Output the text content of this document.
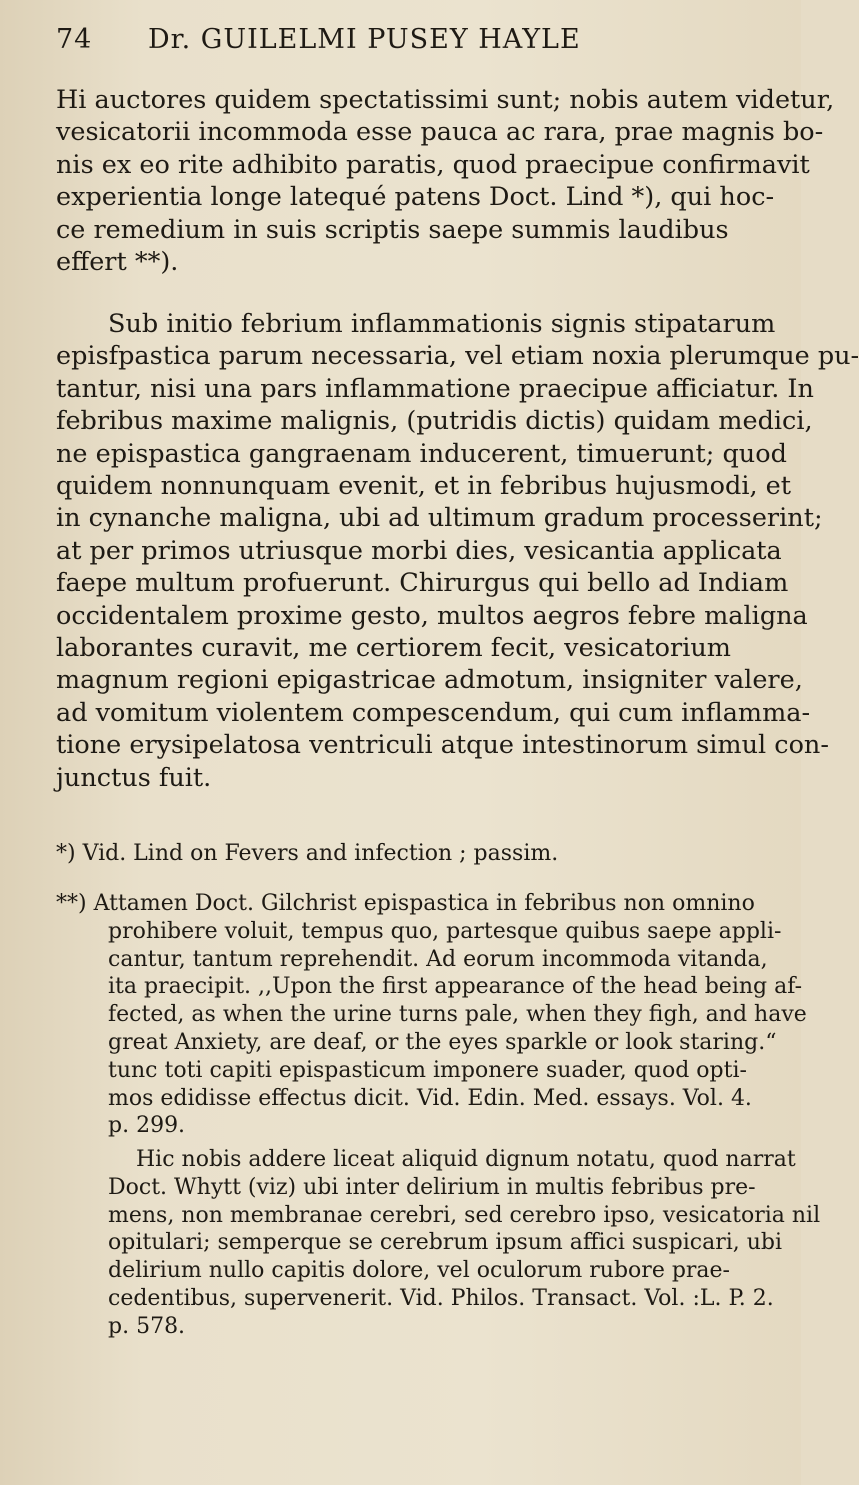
74 Dr. GUILELMI PUSEY HAYLE
Hi auctores quidem spectatissimi sunt; nobis autem videtur,
vesicatorii incommoda esse pauca ac rara, prae magnis bo-
nis ex eo rite adhibito paratis, quod praecipue confirmavit
experientia longe latequé patens Doct. Lind *), qui hoc-
ce remedium in suis scriptis saepe summis laudibus
effert **).
Sub initio febrium inflammationis signis stipatarum
episfpastica parum necessaria, vel etiam noxia plerumque pu-
tantur, nisi una pars inflammatione praecipue afficiatur. In
febribus maxime malignis, (putridis dictis) quidam medici,
ne epispastica gangraenam inducerent, timuerunt; quod
quidem nonnunquam evenit, et in febribus hujusmodi, et
in cynanche maligna, ubi ad ultimum gradum processerint;
at per primos utriusque morbi dies, vesicantia applicata
faepe multum profuerunt. Chirurgus qui bello ad Indiam
occidentalem proxime gesto, multos aegros febre maligna
laborantes curavit, me certiorem fecit, vesicatorium
magnum regioni epigastricae admotum, insigniter valere,
ad vomitum violentem compescendum, qui cum inflamma-
tione erysipelatosa ventriculi atque intestinorum simul con-
junctus fuit.
*) Vid. Lind on Fevers and infection ; passim.
**) Attamen Doct. Gilchrist epispastica in febribus non omnino
prohibere voluit, tempus quo, partesque quibus saepe appli-
cantur, tantum reprehendit. Ad eorum incommoda vitanda,
ita praecipit. ,,Upon the first appearance of the head being af-
fected, as when the urine turns pale, when they figh, and have
great Anxiety, are deaf, or the eyes sparkle or look staring.“
tunc toti capiti epispasticum imponere suader, quod opti-
mos edidisse effectus dicit. Vid. Edin. Med. essays. Vol. 4.
p. 299.
Hic nobis addere liceat aliquid dignum notatu, quod narrat
Doct. Whytt (viz) ubi inter delirium in multis febribus pre-
mens, non membranae cerebri, sed cerebro ipso, vesicatoria nil
opitulari; semperque se cerebrum ipsum affici suspicari, ubi
delirium nullo capitis dolore, vel oculorum rubore prae-
cedentibus, supervenerit. Vid. Philos. Transact. Vol. :L. P. 2.
p. 578.
